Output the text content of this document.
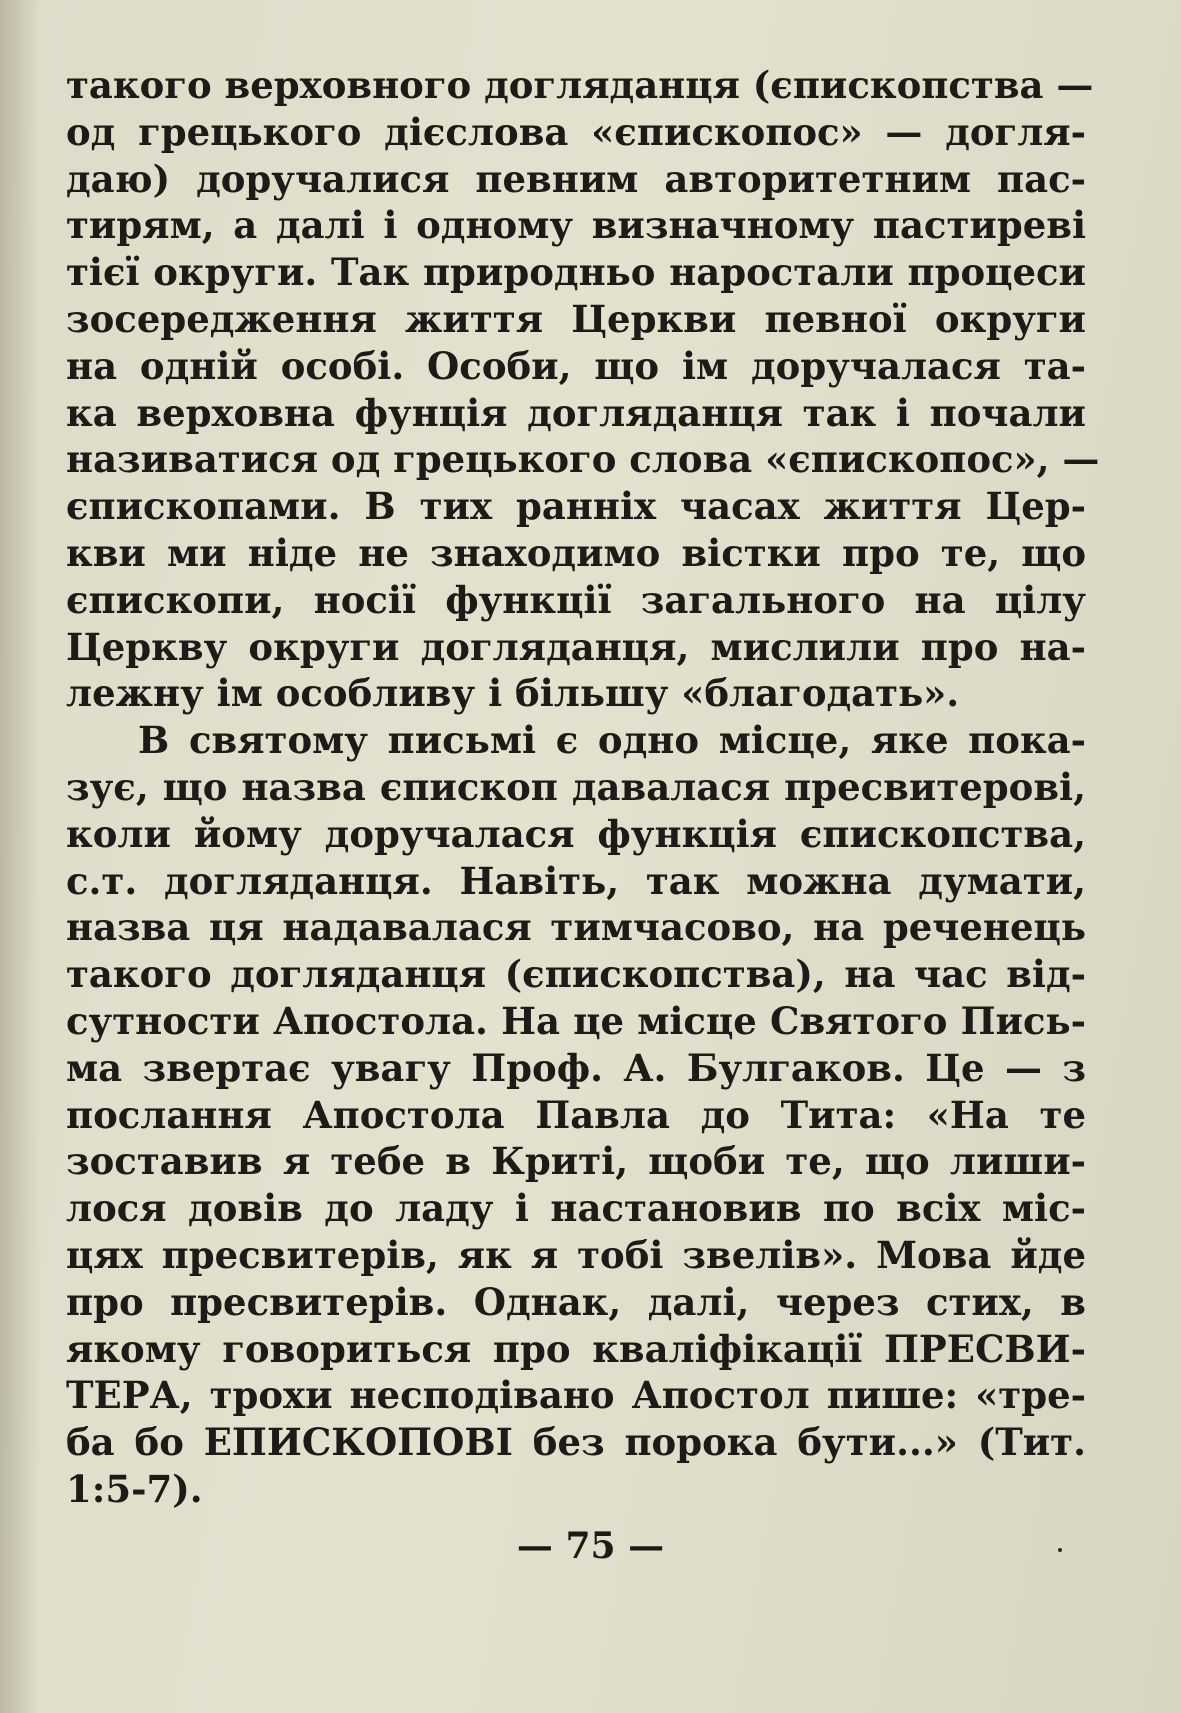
такого верховного догляданця (єпископства —
од грецького дієслова «єпископос» — догля-
даю) доручалися певним авторитетним пас-
тирям, а далі і одному визначному пастиреві
тієї округи. Так природньо наростали процеси
зосередження життя Церкви певної округи
на одній особі. Особи, що ім доручалася та-
ка верховна фунція догляданця так і почали
називатися од грецького слова «єпископос», —
єпископами. В тих ранніх часах життя Цер-
кви ми ніде не знаходимо вістки про те, що
єпископи, носії функції загального на цілу
Церкву округи догляданця, мислили про на-
лежну ім особливу і більшу «благодать».
В святому письмі є одно місце, яке пока-
зує, що назва єпископ давалася пресвитерові,
коли йому доручалася функція єпископства,
с.т. догляданця. Навіть, так можна думати,
назва ця надавалася тимчасово, на реченець
такого догляданця (єпископства), на час від-
сутности Апостола. На це місце Святого Пись-
ма звертає увагу Проф. А. Булгаков. Це — з
послання Апостола Павла до Тита: «На те
зоставив я тебе в Криті, щоби те, що лиши-
лося довів до ладу і настановив по всіх міс-
цях пресвитерів, як я тобі звелів». Мова йде
про пресвитерів. Однак, далі, через стих, в
якому говориться про кваліфікації ПРЕСВИ-
ТЕРА, трохи несподівано Апостол пише: «тре-
ба бо ЕПИСКОПОВІ без порока бути...» (Тит.
1:5-7).
— 75 —
